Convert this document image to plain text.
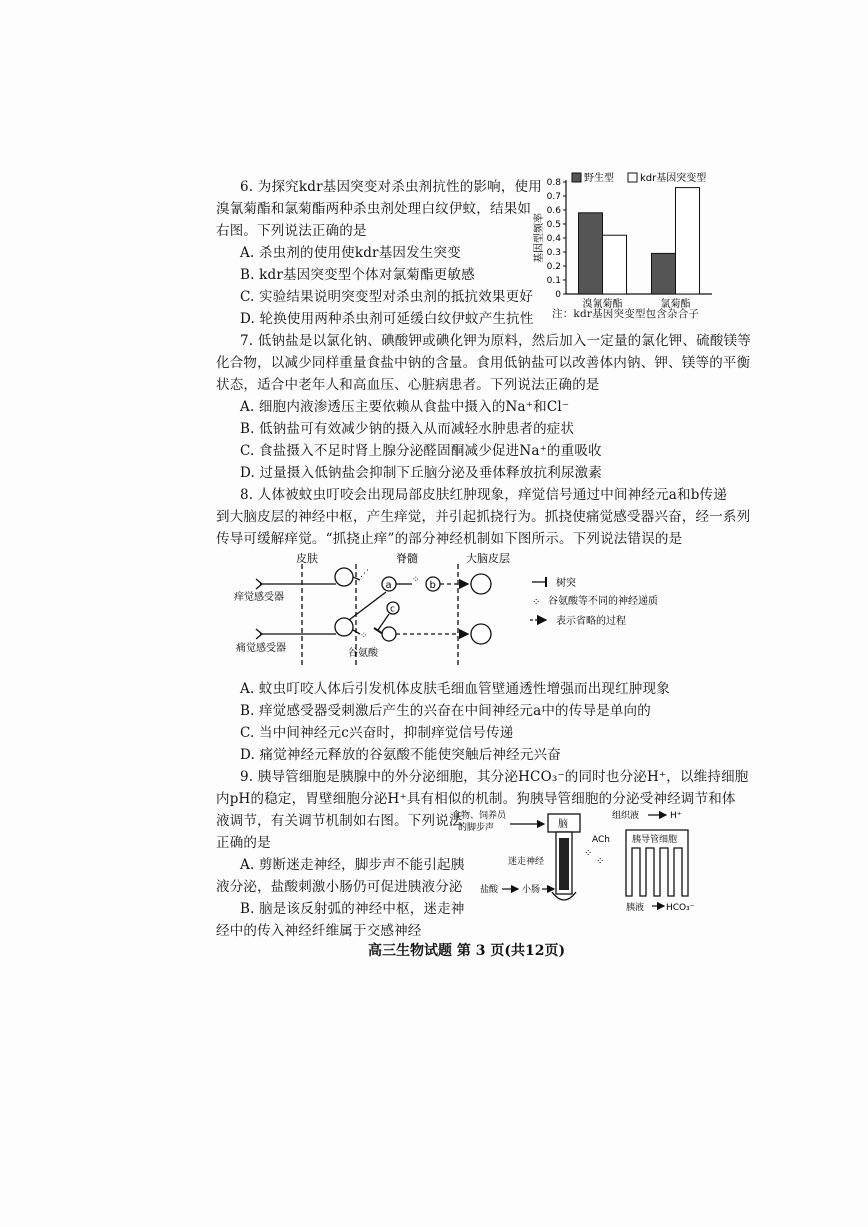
6. 为探究kdr基因突变对杀虫剂抗性的影响，使用
溴氰菊酯和氯菊酯两种杀虫剂处理白纹伊蚊，结果如
右图。下列说法正确的是
A. 杀虫剂的使用使kdr基因发生突变
B. kdr基因突变型个体对氯菊酯更敏感
C. 实验结果说明突变型对杀虫剂的抵抗效果更好
D. 轮换使用两种杀虫剂可延缓白纹伊蚊产生抗性
0
0.1
0.2
0.3
0.4
0.5
0.6
0.7
0.8
基因型频率
溴氰菊酯	氯菊酯
野生型	kdr基因突变型
注：kdr基因突变型包含杂合子
7. 低钠盐是以氯化钠、碘酸钾或碘化钾为原料，然后加入一定量的氯化钾、硫酸镁等
化合物，以减少同样重量食盐中钠的含量。食用低钠盐可以改善体内钠、钾、镁等的平衡
状态，适合中老年人和高血压、心脏病患者。下列说法正确的是
A. 细胞内液渗透压主要依赖从食盐中摄入的Na⁺和Cl⁻
B. 低钠盐可有效减少钠的摄入从而减轻水肿患者的症状
C. 食盐摄入不足时肾上腺分泌醛固酮减少促进Na⁺的重吸收
D. 过量摄入低钠盐会抑制下丘脑分泌及垂体释放抗利尿激素
8. 人体被蚊虫叮咬会出现局部皮肤红肿现象，痒觉信号通过中间神经元a和b传递
到大脑皮层的神经中枢，产生痒觉，并引起抓挠行为。抓挠使痛觉感受器兴奋，经一系列
传导可缓解痒觉。“抓挠止痒”的部分神经机制如下图所示。下列说法错误的是
皮肤	脊髓	大脑皮层
痒觉感受器
⋰
a ⁘ b
c
痛觉感受器
⁘
谷氨酸
树突
⁘ 谷氨酸等不同的神经递质
表示省略的过程
A. 蚊虫叮咬人体后引发机体皮肤毛细血管壁通透性增强而出现红肿现象
B. 痒觉感受器受刺激后产生的兴奋在中间神经元a中的传导是单向的
C. 当中间神经元c兴奋时，抑制痒觉信号传递
D. 痛觉神经元释放的谷氨酸不能使突触后神经元兴奋
9. 胰导管细胞是胰腺中的外分泌细胞，其分泌HCO₃⁻的同时也分泌H⁺，以维持细胞
内pH的稳定，胃壁细胞分泌H⁺具有相似的机制。狗胰导管细胞的分泌受神经调节和体
液调节，有关调节机制如右图。下列说法
正确的是
A. 剪断迷走神经，脚步声不能引起胰
液分泌，盐酸刺激小肠仍可促进胰液分泌
B. 脑是该反射弧的神经中枢，迷走神
经中的传入神经纤维属于交感神经
食物、饲养员
的脚步声	脑
迷走神经
盐酸	小肠
ACh
⁘
⁘
组织液	H⁺
胰导管细胞
胰液 HCO₃⁻
高三生物试题 第 3 页(共12页)
